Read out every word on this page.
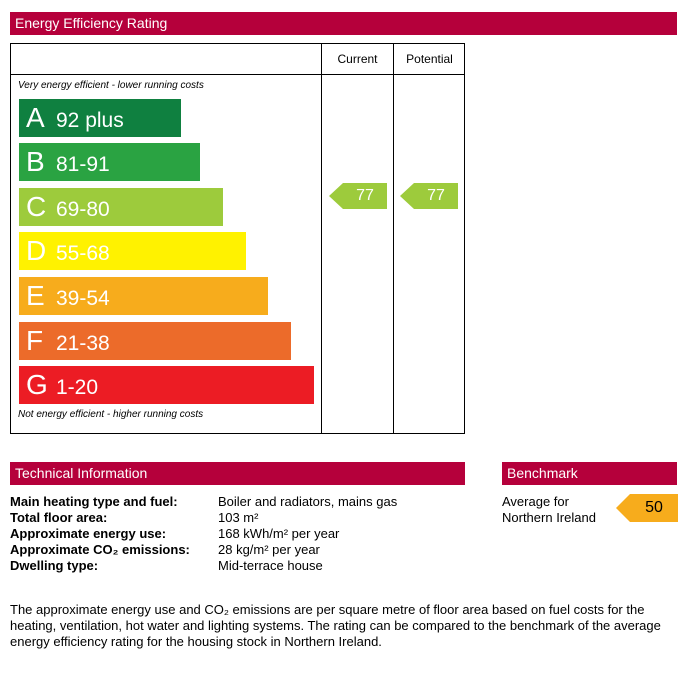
Energy Efficiency Rating
Current	Potential
Very energy efficient - lower running costs
Not energy efficient - higher running costs
A 92 plus
B 81-91
C 69-80
D 55-68
E 39-54
F 21-38
G 1-20
77	77
Technical Information
Main heating type and fuel:	Boiler and radiators, mains gas
Total floor area:	103 m²
Approximate energy use:	168 kWh/m² per year
Approximate CO₂ emissions: 28 kg/m² per year
Dwelling type:	Mid-terrace house
Benchmark
Average for
Northern Ireland
50
The approximate energy use and CO₂ emissions are per square metre of floor area based on fuel costs for the heating, ventilation, hot water and lighting systems. The rating can be compared to the benchmark of the average energy efficiency rating for the housing stock in Northern Ireland.
